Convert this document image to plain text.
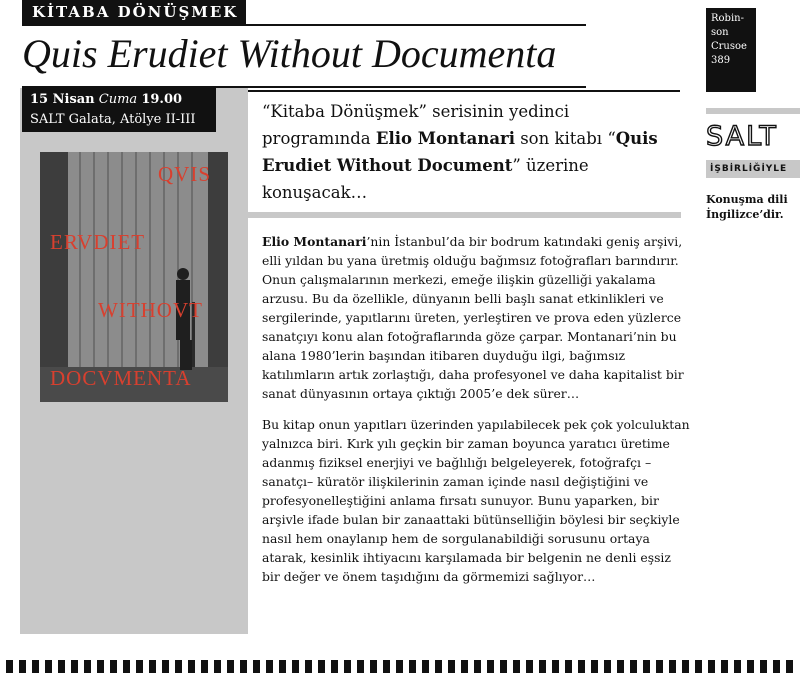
KİTABA DÖNÜŞMEK
Quis Erudiet Without Documenta
Robin-
son
Crusoe
389
15 Nisan Cuma 19.00
SALT Galata, Atölye II-III
QVIS
ERVDIET
WITHOVT
DOCVMENTA
“Kitaba Dönüşmek” serisinin yedinci programında Elio Montanari son kitabı “Quis Erudiet Without Document” üzerine konuşacak…

Elio Montanari’nin İstanbul’da bir bodrum katındaki geniş arşivi, elli yıldan bu yana üretmiş olduğu bağımsız fotoğrafları barındırır. Onun çalışmalarının merkezi, emeğe ilişkin güzelliği yakalama arzusu. Bu da özellikle, dünyanın belli başlı sanat etkinlikleri ve sergilerinde, yapıtlarını üreten, yerleştiren ve prova eden yüzlerce sanatçıyı konu alan fotoğraflarında göze çarpar. Montanari’nin bu alana 1980’lerin başından itibaren duyduğu ilgi, bağımsız katılımların artık zorlaştığı, daha profesyonel ve daha kapitalist bir sanat dünyasının ortaya çıktığı 2005’e dek sürer…

Bu kitap onun yapıtları üzerinden yapılabilecek pek çok yolculuktan yalnızca biri. Kırk yılı geçkin bir zaman boyunca yaratıcı üretime adanmış fiziksel enerjiyi ve bağlılığı belgeleyerek, fotoğrafçı –sanatçı– küratör ilişkilerinin zaman içinde nasıl değiştiğini ve profesyonelleştiğini anlama fırsatı sunuyor. Bunu yaparken, bir arşivle ifade bulan bir zanaattaki bütünselliğin böylesi bir seçkiyle nasıl hem onaylanıp hem de sorgulanabildiği sorusunu ortaya atarak, kesinlik ihtiyacını karşılamada bir belgenin ne denli eşsiz bir değer ve önem taşıdığını da görmemizi sağlıyor…

SALT
İŞBİRLİĞİYLE
Konuşma dili İngilizce’dir.
